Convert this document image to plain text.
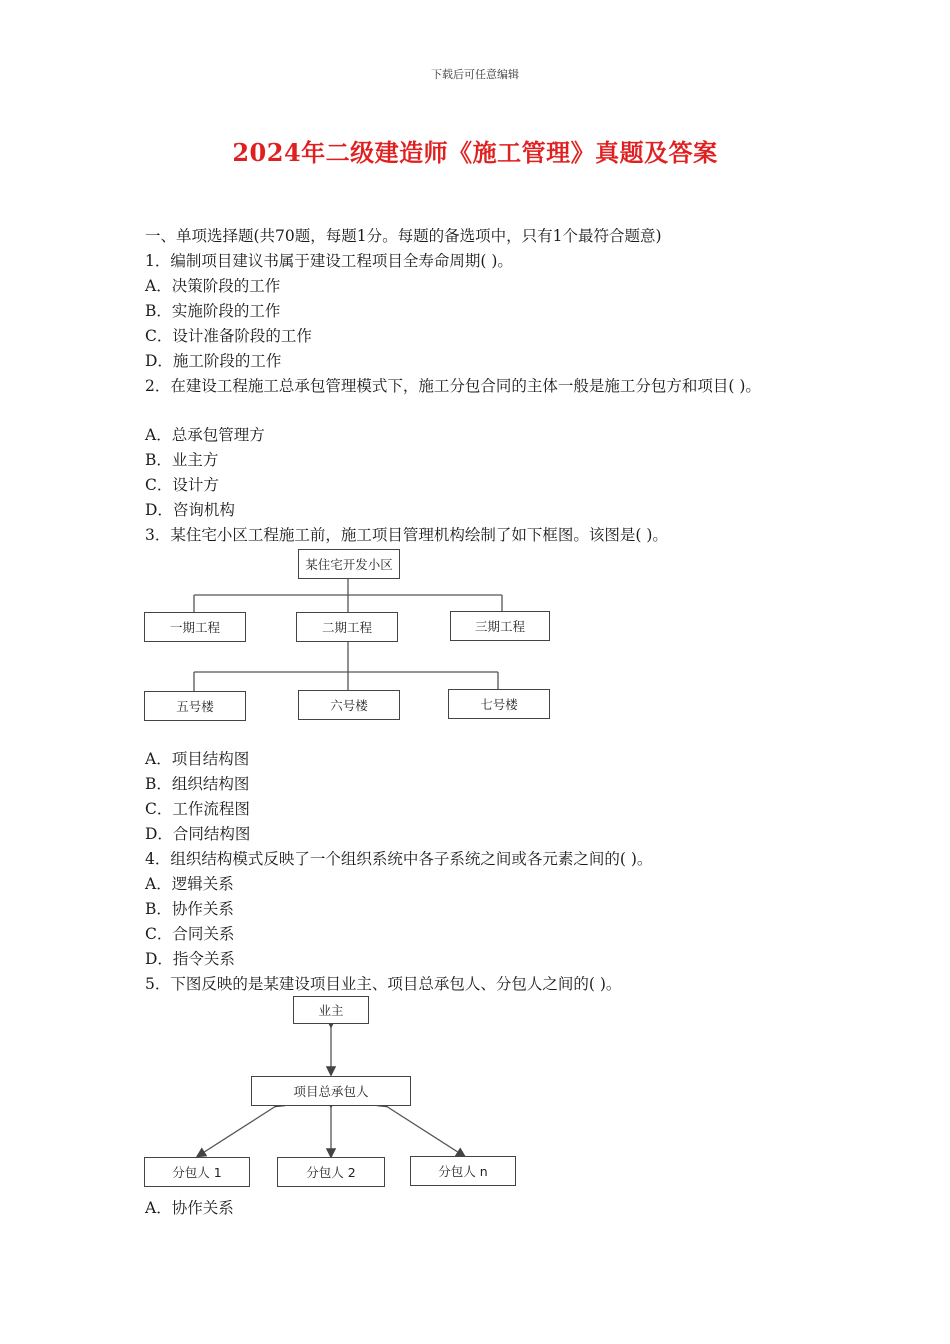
下载后可任意编辑
2024年二级建造师《施工管理》真题及答案
一、单项选择题(共70题，每题1分。每题的备选项中，只有1个最符合题意)
1．编制项目建议书属于建设工程项目全寿命周期( )。
A．决策阶段的工作
B．实施阶段的工作
C．设计准备阶段的工作
D．施工阶段的工作
2．在建设工程施工总承包管理模式下，施工分包合同的主体一般是施工分包方和项目( )。
A．总承包管理方
B．业主方
C．设计方
D．咨询机构
3．某住宅小区工程施工前，施工项目管理机构绘制了如下框图。该图是( )。
某住宅开发小区
一期工程	二期工程	三期工程
五号楼	六号楼	七号楼
A．项目结构图
B．组织结构图
C．工作流程图
D．合同结构图
4．组织结构模式反映了一个组织系统中各子系统之间或各元素之间的( )。
A．逻辑关系
B．协作关系
C．合同关系
D．指令关系
5．下图反映的是某建设项目业主、项目总承包人、分包人之间的( )。
业主
项目总承包人
分包人 1	分包人 2	分包人 n
A．协作关系
